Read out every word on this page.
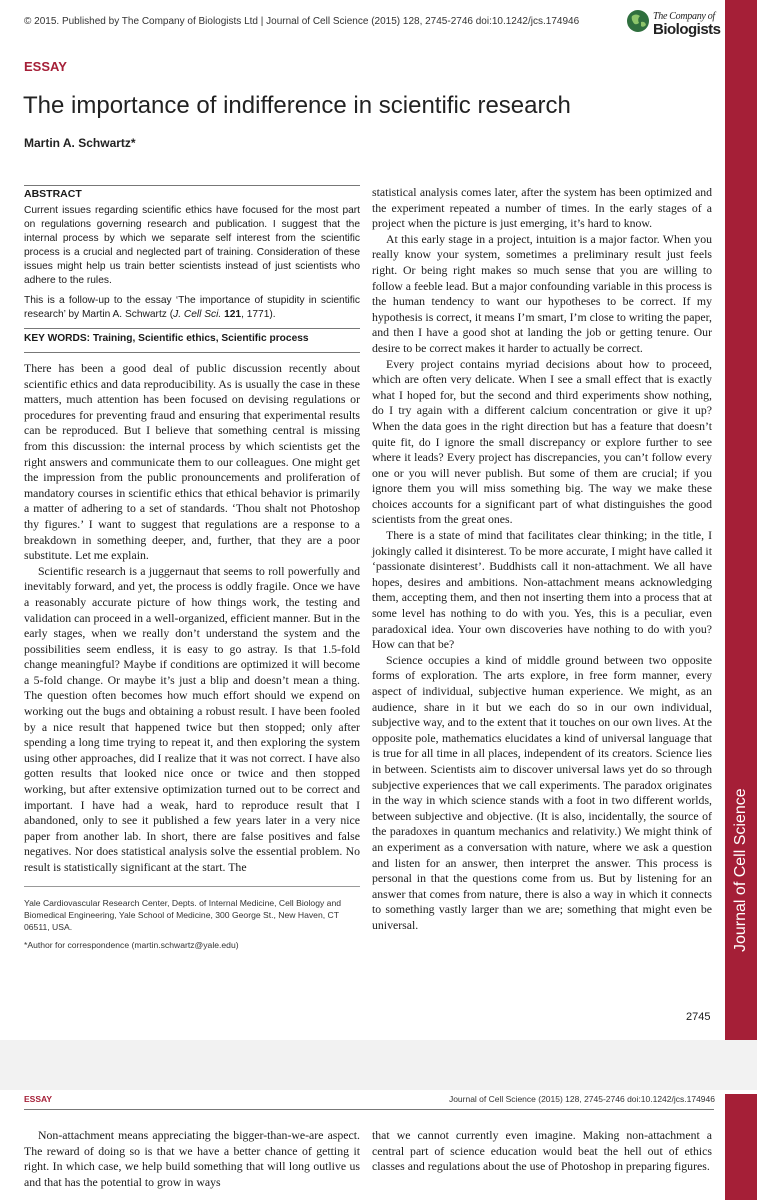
© 2015. Published by The Company of Biologists Ltd | Journal of Cell Science (2015) 128, 2745-2746 doi:10.1242/jcs.174946	The Company of
Biologists
ESSAY
The importance of indifference in scientific research
Martin A. Schwartz*
ABSTRACT

Current issues regarding scientific ethics have focused for the most part on regulations governing research and publication. I suggest that the internal process by which we separate self interest from the scientific process is a crucial and neglected part of training. Consideration of these issues might help us train better scientists instead of just scientists who adhere to the rules.

This is a follow-up to the essay ‘The importance of stupidity in scientific research’ by Martin A. Schwartz (J. Cell Sci. 121, 1771).

KEY WORDS: Training, Scientific ethics, Scientific process

There has been a good deal of public discussion recently about scientific ethics and data reproducibility. As is usually the case in these matters, much attention has been focused on devising regulations or procedures for preventing fraud and ensuring that experimental results can be reproduced. But I believe that something central is missing from this discussion: the internal process by which scientists get the right answers and communicate them to our colleagues. One might get the impression from the public pronouncements and proliferation of mandatory courses in scientific ethics that ethical behavior is primarily a matter of adhering to a set of standards. ‘Thou shalt not Photoshop thy figures.’ I want to suggest that regulations are a response to a breakdown in something deeper, and, further, that they are a poor substitute. Let me explain.

Scientific research is a juggernaut that seems to roll powerfully and inevitably forward, and yet, the process is oddly fragile. Once we have a reasonably accurate picture of how things work, the testing and validation can proceed in a well-organized, efficient manner. But in the early stages, when we really don’t understand the system and the possibilities seem endless, it is easy to go astray. Is that 1.5-fold change meaningful? Maybe if conditions are optimized it will become a 5-fold change. Or maybe it’s just a blip and doesn’t mean a thing. The question often becomes how much effort should we expend on working out the bugs and obtaining a robust result. I have been fooled by a nice result that happened twice but then stopped; only after spending a long time trying to repeat it, and then exploring the system using other approaches, did I realize that it was not correct. I have also gotten results that looked nice once or twice and then stopped working, but after extensive optimization turned out to be correct and important. I have had a weak, hard to reproduce result that I abandoned, only to see it published a few years later in a very nice paper from another lab. In short, there are false positives and false negatives. Nor does statistical analysis solve the essential problem. No result is statistically significant at the start. The

Yale Cardiovascular Research Center, Depts. of Internal Medicine, Cell Biology and Biomedical Engineering, Yale School of Medicine, 300 George St., New Haven, CT 06511, USA.

*Author for correspondence (martin.schwartz@yale.edu)

statistical analysis comes later, after the system has been optimized and the experiment repeated a number of times. In the early stages of a project when the picture is just emerging, it’s hard to know.

At this early stage in a project, intuition is a major factor. When you really know your system, sometimes a preliminary result just feels right. Or being right makes so much sense that you are willing to follow a feeble lead. But a major confounding variable in this process is the human tendency to want our hypotheses to be correct. If my hypothesis is correct, it means I’m smart, I’m close to writing the paper, and then I have a good shot at landing the job or getting tenure. Our desire to be correct makes it harder to actually be correct.

Every project contains myriad decisions about how to proceed, which are often very delicate. When I see a small effect that is exactly what I hoped for, but the second and third experiments show nothing, do I try again with a different calcium concentration or give it up? When the data goes in the right direction but has a feature that doesn’t quite fit, do I ignore the small discrepancy or explore further to see where it leads? Every project has discrepancies, you can’t follow every one or you will never publish. But some of them are crucial; if you ignore them you will miss something big. The way we make these choices accounts for a significant part of what distinguishes the good scientists from the great ones.

There is a state of mind that facilitates clear thinking; in the title, I jokingly called it disinterest. To be more accurate, I might have called it ‘passionate disinterest’. Buddhists call it non-attachment. We all have hopes, desires and ambitions. Non-attachment means acknowledging them, accepting them, and then not inserting them into a process that at some level has nothing to do with you. Yes, this is a peculiar, even paradoxical idea. Your own discoveries have nothing to do with you? How can that be?

Science occupies a kind of middle ground between two opposite forms of exploration. The arts explore, in free form manner, every aspect of individual, subjective human experience. We might, as an audience, share in it but we each do so in our own individual, subjective way, and to the extent that it touches on our own lives. At the opposite pole, mathematics elucidates a kind of universal language that is true for all time in all places, independent of its creators. Science lies in between. Scientists aim to discover universal laws yet do so through subjective experiences that we call experiments. The paradox originates in the way in which science stands with a foot in two different worlds, between subjective and objective. (It is also, incidentally, the source of the paradoxes in quantum mechanics and relativity.) We might think of an experiment as a conversation with nature, where we ask a question and listen for an answer, then interpret the answer. This process is personal in that the questions come from us. But by listening for an answer that comes from nature, there is also a way in which it connects to something vastly larger than we are; something that might even be universal.

2745
Journal of Cell Science
ESSAY	Journal of Cell Science (2015) 128, 2745-2746 doi:10.1242/jcs.174946

Non-attachment means appreciating the bigger-than-we-are aspect. The reward of doing so is that we have a better chance of getting it right. In which case, we help build something that will long outlive us and that has the potential to grow in ways

that we cannot currently even imagine. Making non-attachment a central part of science education would beat the hell out of ethics classes and regulations about the use of Photoshop in preparing figures.
